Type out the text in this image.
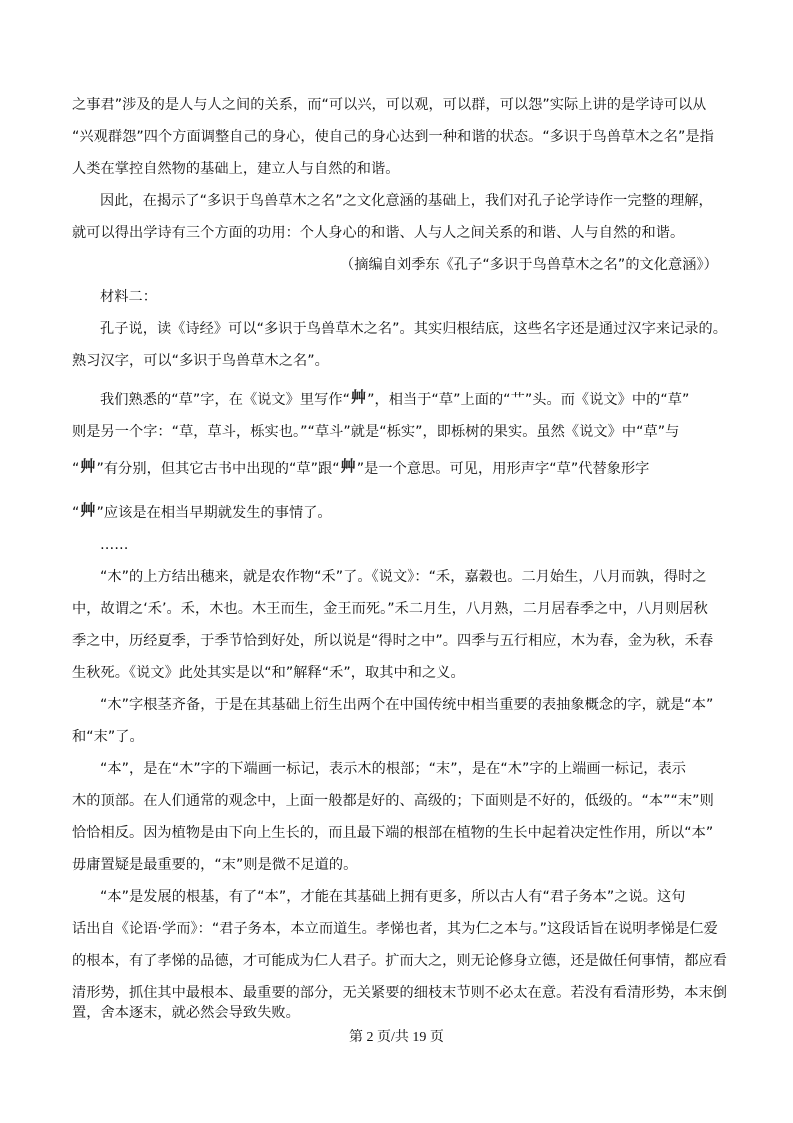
之事君”涉及的是人与人之间的关系，而“可以兴，可以观，可以群，可以怨”实际上讲的是学诗可以从
“兴观群怨”四个方面调整自己的身心，使自己的身心达到一种和谐的状态。“多识于鸟兽草木之名”是指
人类在掌控自然物的基础上，建立人与自然的和谐。
因此，在揭示了“多识于鸟兽草木之名”之文化意涵的基础上，我们对孔子论学诗作一完整的理解，
就可以得出学诗有三个方面的功用：个人身心的和谐、人与人之间关系的和谐、人与自然的和谐。
（摘编自刘季东《孔子“多识于鸟兽草木之名”的文化意涵》）
材料二：
孔子说，读《诗经》可以“多识于鸟兽草木之名”。其实归根结底，这些名字还是通过汉字来记录的。
熟习汉字，可以“多识于鸟兽草木之名”。
我们熟悉的“草”字，在《说文》里写作“艸”，相当于“草”上面的“艹”头。而《说文》中的“草”
则是另一个字：“草，草斗，栎实也。”“草斗”就是“栎实”，即栎树的果实。虽然《说文》中“草”与
“艸”有分别，但其它古书中出现的“草”跟“艸”是一个意思。可见，用形声字“草”代替象形字
“艸”应该是在相当早期就发生的事情了。
……
“木”的上方结出穗来，就是农作物“禾”了。《说文》：“禾，嘉穀也。二月始生，八月而孰，得时之
中，故谓之‘禾’。禾，木也。木王而生，金王而死。”禾二月生，八月熟，二月居春季之中，八月则居秋
季之中，历经夏季，于季节恰到好处，所以说是“得时之中”。四季与五行相应，木为春，金为秋，禾春
生秋死。《说文》此处其实是以“和”解释“禾”，取其中和之义。
“木”字根茎齐备，于是在其基础上衍生出两个在中国传统中相当重要的表抽象概念的字，就是“本”
和“末”了。
“本”，是在“木”字的下端画一标记，表示木的根部；“末”，是在“木”字的上端画一标记，表示
木的顶部。在人们通常的观念中，上面一般都是好的、高级的；下面则是不好的，低级的。“本”“末”则
恰恰相反。因为植物是由下向上生长的，而且最下端的根部在植物的生长中起着决定性作用，所以“本”
毋庸置疑是最重要的，“末”则是微不足道的。
“本”是发展的根基，有了“本”，才能在其基础上拥有更多，所以古人有“君子务本”之说。这句
话出自《论语·学而》：“君子务本，本立而道生。孝悌也者，其为仁之本与。”这段话旨在说明孝悌是仁爱
的根本，有了孝悌的品德，才可能成为仁人君子。扩而大之，则无论修身立德，还是做任何事情，都应看
清形势，抓住其中最根本、最重要的部分，无关紧要的细枝末节则不必太在意。若没有看清形势，本末倒
置，舍本逐末，就必然会导致失败。
第 2 页/共 19 页
